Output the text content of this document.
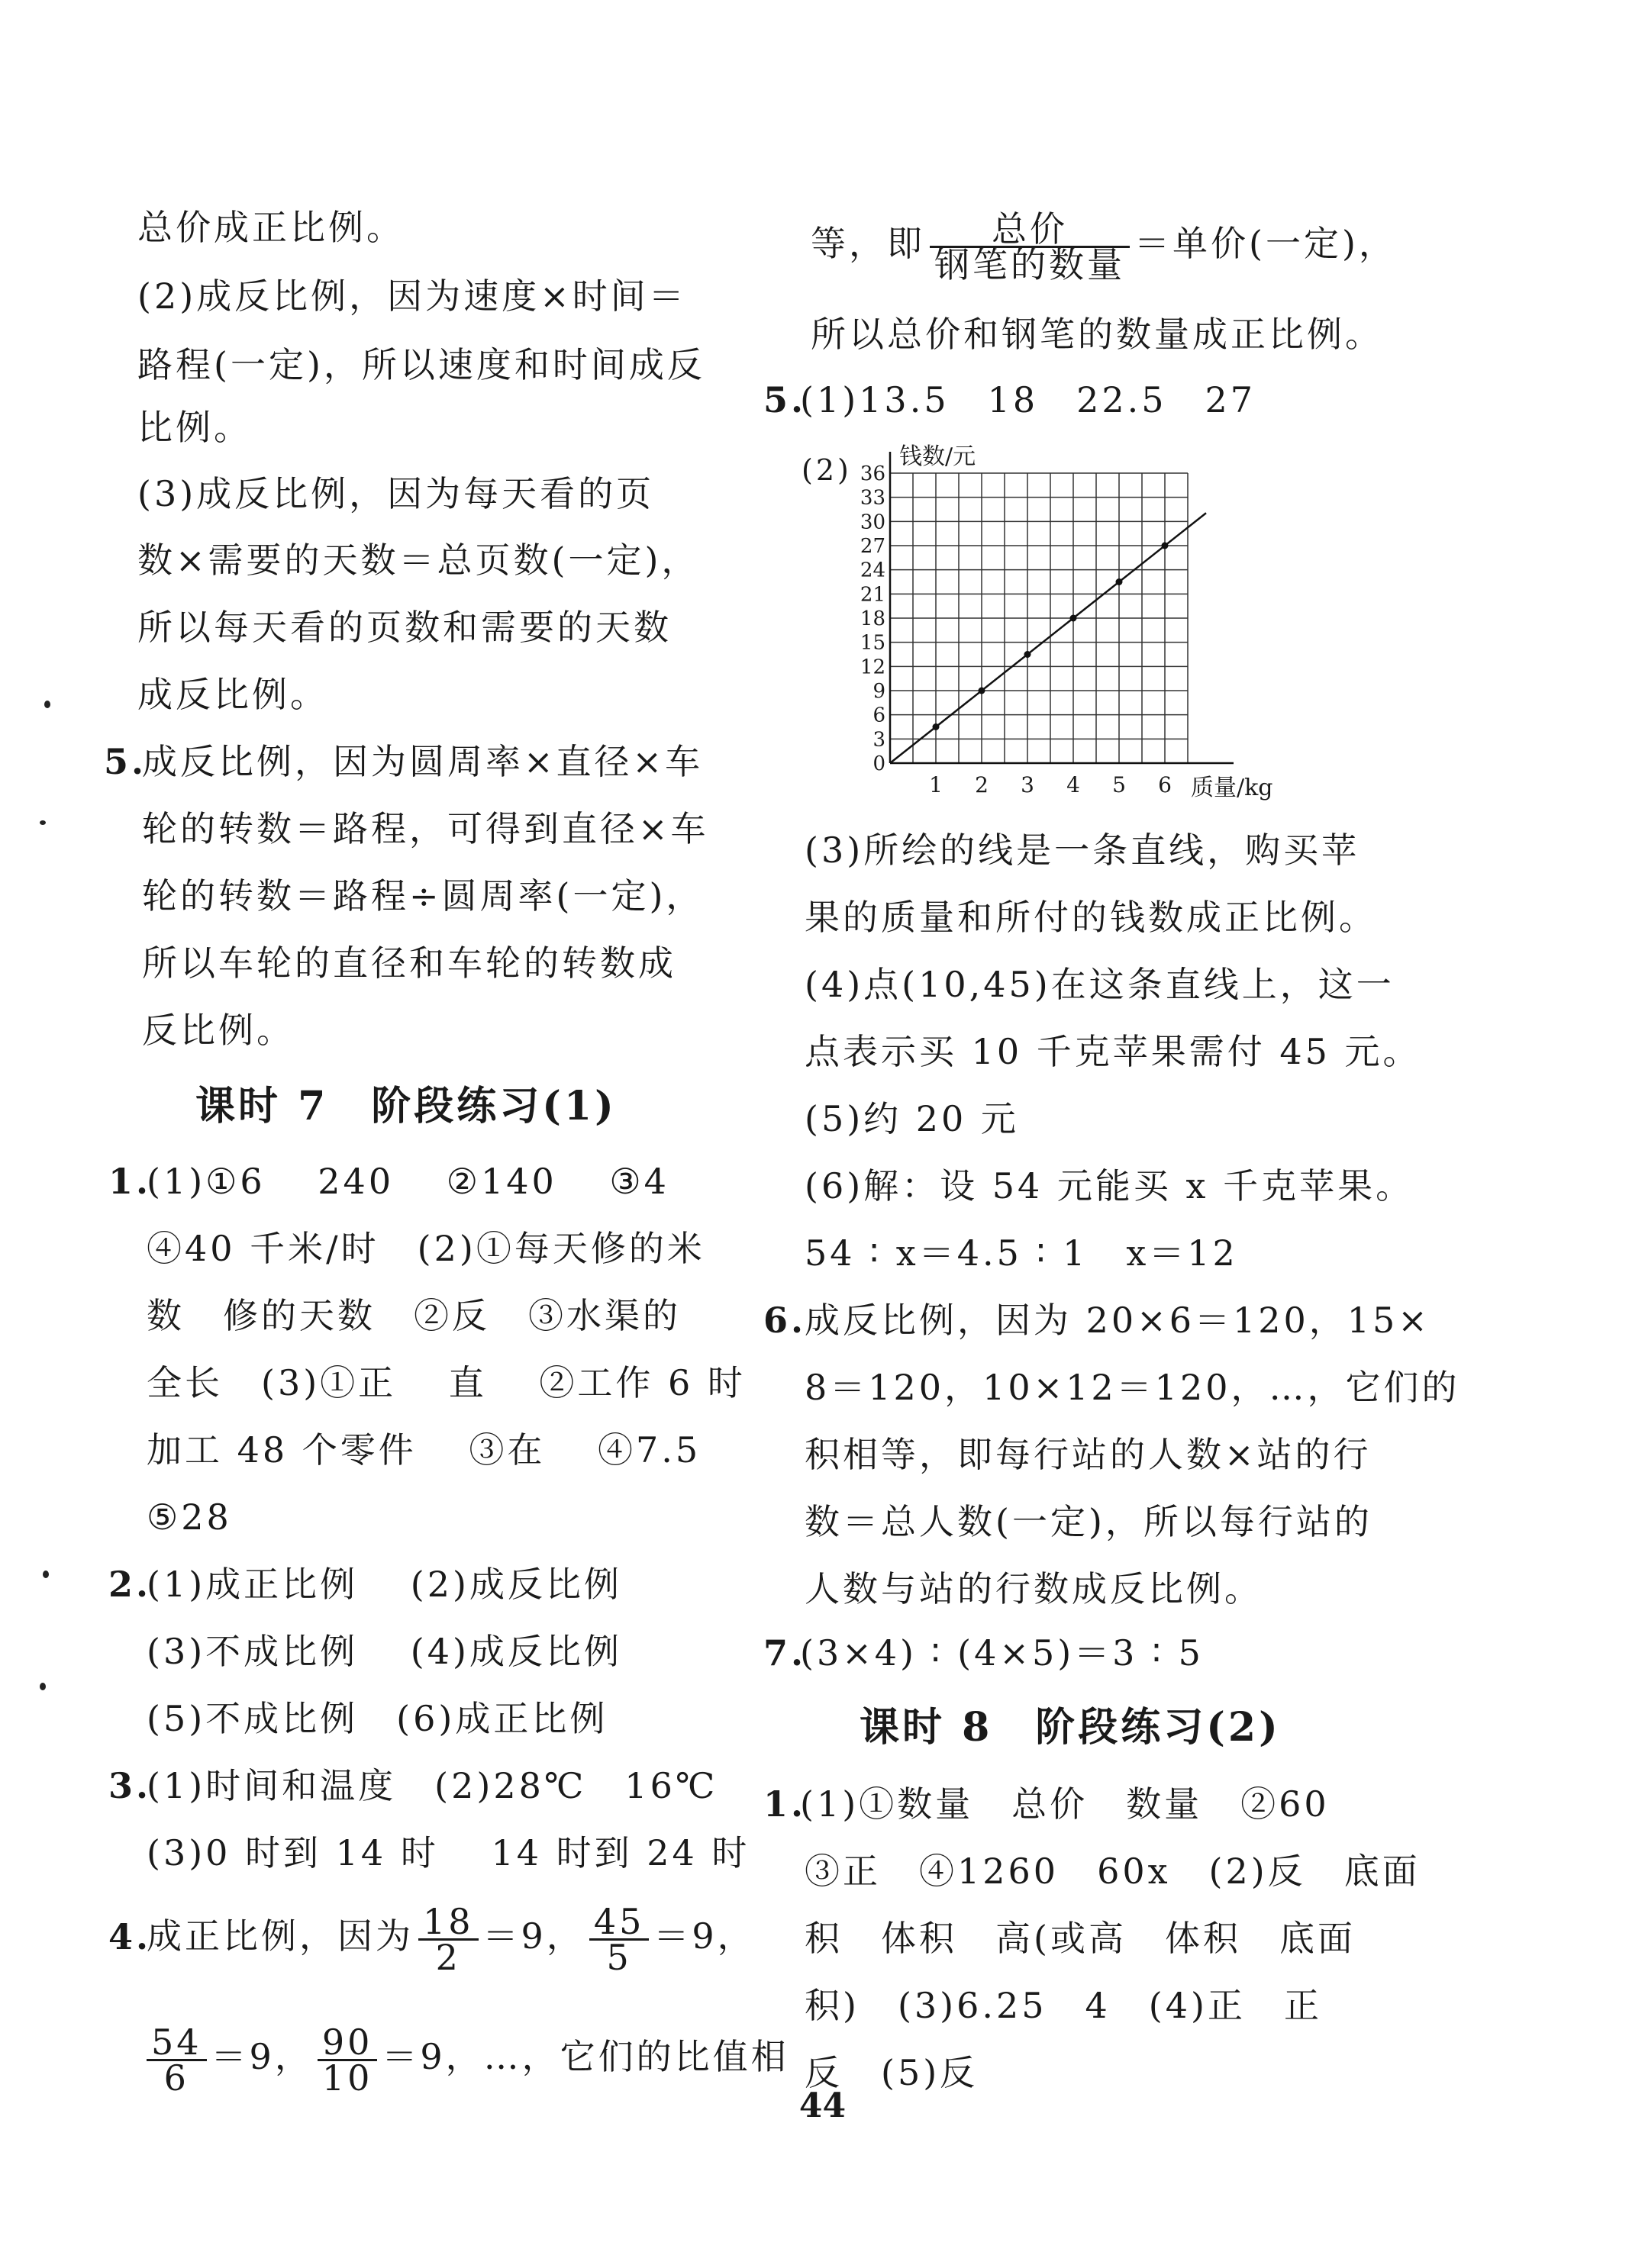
总价成正比例。
(2)成反比例，因为速度×时间＝
路程(一定)，所以速度和时间成反
比例。
(3)成反比例，因为每天看的页
数×需要的天数＝总页数(一定)，
所以每天看的页数和需要的天数
成反比例。
5.
成反比例，因为圆周率×直径×车
轮的转数＝路程，可得到直径×车
轮的转数＝路程÷圆周率(一定)，
所以车轮的直径和车轮的转数成
反比例。
课时 7　阶段练习(1)
1.
(1)①6　 240　 ②140　 ③4
④40 千米/时　(2)①每天修的米
数　修的天数　②反　③水渠的
全长　(3)①正　 直　 ②工作 6 时
加工 48 个零件　 ③在　 ④7.5
⑤28
2.
(1)成正比例　 (2)成反比例
(3)不成比例　 (4)成反比例
(5)不成比例　(6)成正比例
3.
(1)时间和温度　(2)28℃　16℃
(3)0 时到 14 时　 14 时到 24 时
4.
成正比例，因为 $\frac{18}{2} =9$， $\frac{45}{5} =9$，
$\frac{54}{6} =9$， $\frac{90}{10} =9$，…，它们的比值相
等，即 $\frac{\text{总价}}{\text{钢笔的数量}}$ ＝单价(一定)，
所以总价和钢笔的数量成正比例。
5.
(1)13.5　18　22.5　27
(2)
1 2 3 4 5 6
0
3
6
9
12
15
18
21
24
27
30
33
36
钱数/元
质量/kg
(3)所绘的线是一条直线，购买苹
果的质量和所付的钱数成正比例。
(4)点(10,45)在这条直线上，这一
点表示买 10 千克苹果需付 45 元。
(5)约 20 元
(6)解：设 54 元能买 x 千克苹果。
54 ∶ x＝4.5 ∶ 1　x＝12
6.
成反比例，因为 20×6＝120，15×
8＝120，10×12＝120，…，它们的
积相等，即每行站的人数×站的行
数＝总人数(一定)，所以每行站的
人数与站的行数成反比例。
7.
(3×4) ∶ (4×5)＝3 ∶ 5
课时 8　阶段练习(2)
1.
(1)①数量　总价　数量　②60
③正　④1260　60x　(2)反　底面
积　体积　高(或高　体积　底面
积)　(3)6.25　4　(4)正　正
反　(5)反
44
